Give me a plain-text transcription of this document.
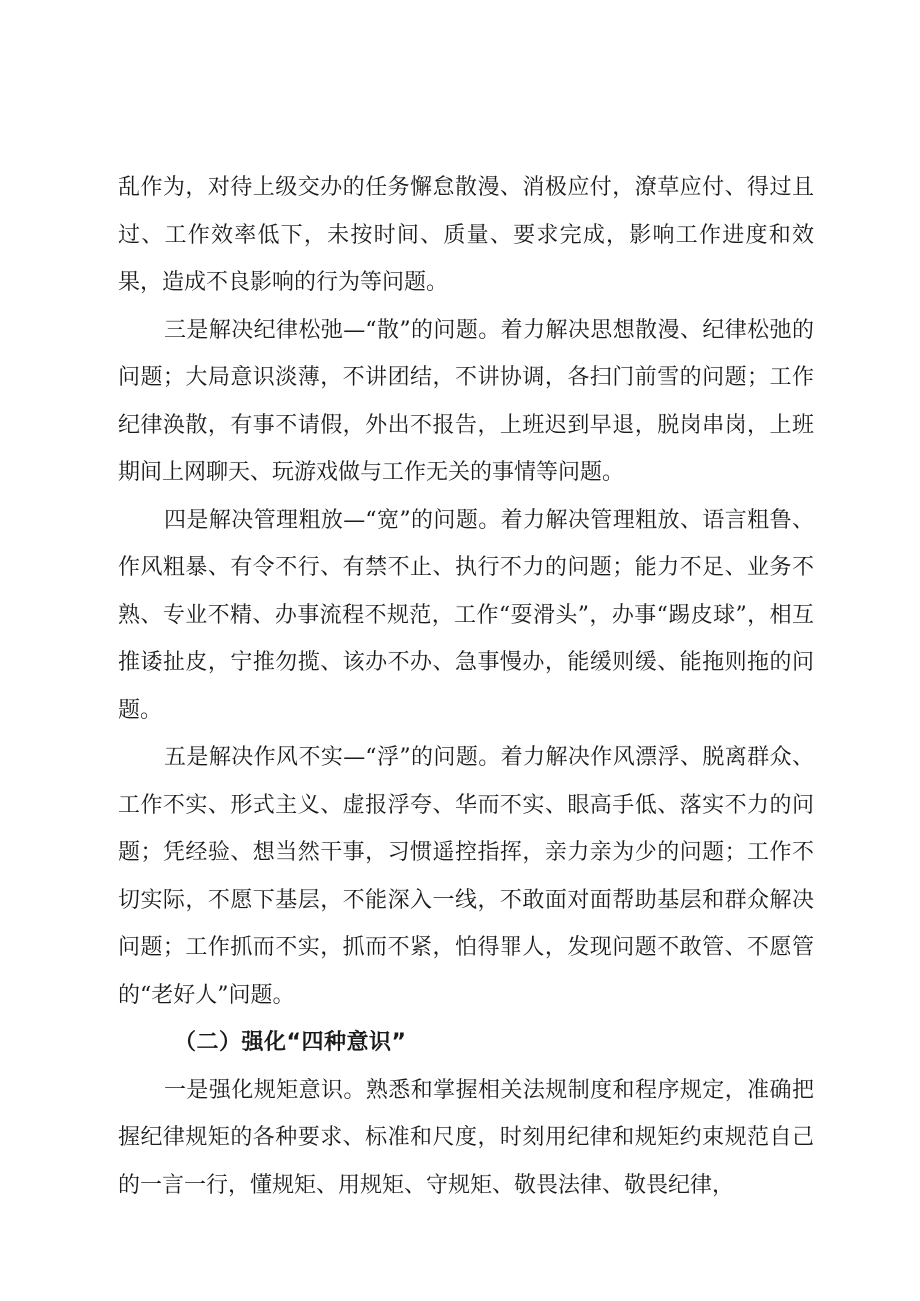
乱作为，对待上级交办的任务懈怠散漫、消极应付，潦草应付、得过且过、工作效率低下，未按时间、质量、要求完成，影响工作进度和效果，造成不良影响的行为等问题。

三是解决纪律松弛—“散”的问题。着力解决思想散漫、纪律松弛的问题；大局意识淡薄，不讲团结，不讲协调，各扫门前雪的问题；工作纪律涣散，有事不请假，外出不报告，上班迟到早退，脱岗串岗，上班期间上网聊天、玩游戏做与工作无关的事情等问题。

四是解决管理粗放—“宽”的问题。着力解决管理粗放、语言粗鲁、作风粗暴、有令不行、有禁不止、执行不力的问题；能力不足、业务不熟、专业不精、办事流程不规范，工作“耍滑头”，办事“踢皮球”，相互推诿扯皮，宁推勿揽、该办不办、急事慢办，能缓则缓、能拖则拖的问题。

五是解决作风不实—“浮”的问题。着力解决作风漂浮、脱离群众、工作不实、形式主义、虚报浮夸、华而不实、眼高手低、落实不力的问题；凭经验、想当然干事，习惯遥控指挥，亲力亲为少的问题；工作不切实际，不愿下基层，不能深入一线，不敢面对面帮助基层和群众解决问题；工作抓而不实，抓而不紧，怕得罪人，发现问题不敢管、不愿管的“老好人”问题。

（二）强化“四种意识”

一是强化规矩意识。熟悉和掌握相关法规制度和程序规定，准确把握纪律规矩的各种要求、标准和尺度，时刻用纪律和规矩约束规范自己的一言一行，懂规矩、用规矩、守规矩、敬畏法律、敬畏纪律，
